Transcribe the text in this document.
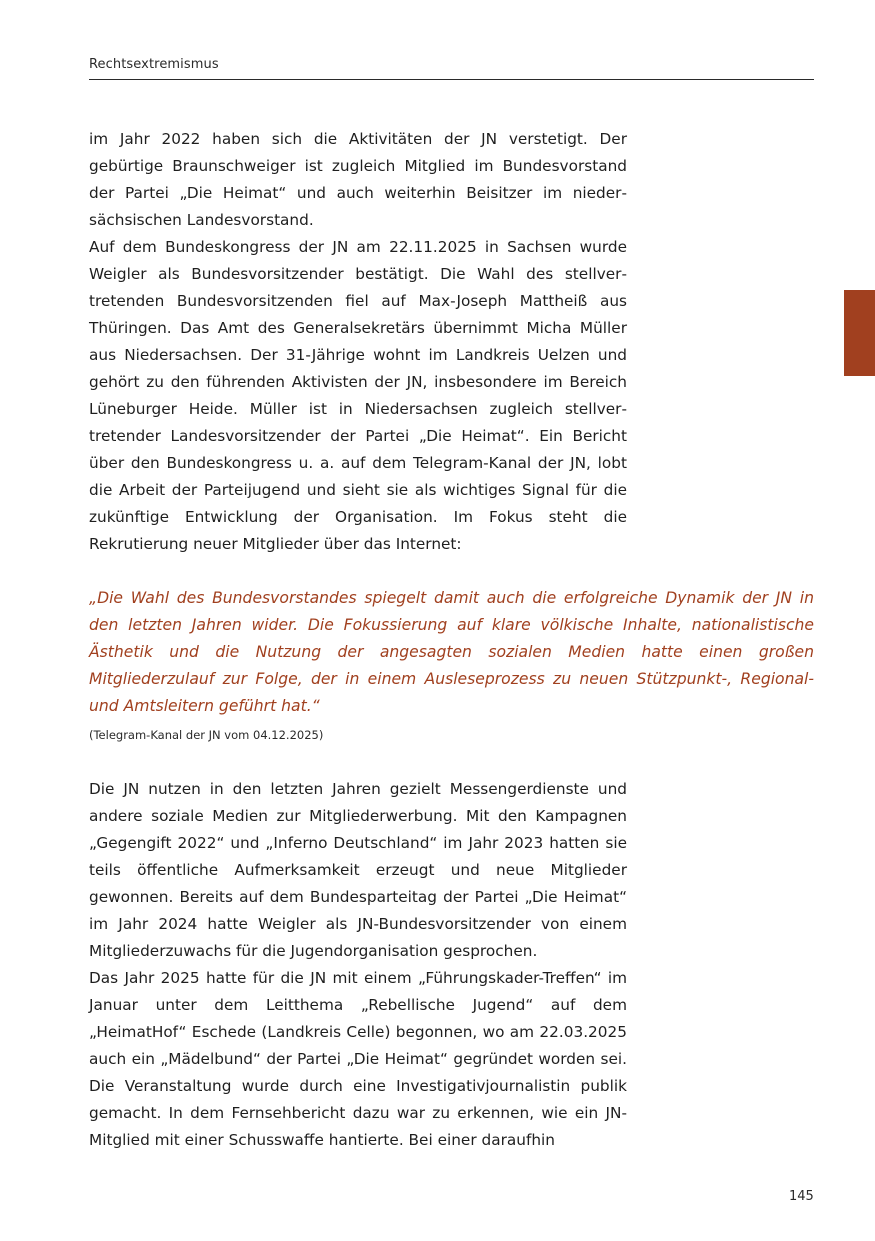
Rechtsextremismus

im Jahr 2022 haben sich die Aktivitäten der JN verstetigt. Der gebürtige Braunschweiger ist zugleich Mitglied im Bundesvorstand der Partei „Die Heimat“ und auch weiterhin Beisitzer im niedersächsischen Landesvorstand.

Auf dem Bundeskongress der JN am 22.11.2025 in Sachsen wurde Weigler als Bundesvorsitzender bestätigt. Die Wahl des stellvertretenden Bundesvorsitzenden fiel auf Max-Joseph Mattheiß aus Thüringen. Das Amt des Generalsekretärs übernimmt Micha Müller aus Niedersachsen. Der 31-Jährige wohnt im Landkreis Uelzen und gehört zu den führenden Aktivisten der JN, insbesondere im Bereich Lüneburger Heide. Müller ist in Niedersachsen zugleich stellvertretender Landesvorsitzender der Partei „Die Heimat“. Ein Bericht über den Bundeskongress u. a. auf dem Telegram-Kanal der JN, lobt die Arbeit der Parteijugend und sieht sie als wichtiges Signal für die zukünftige Entwicklung der Organisation. Im Fokus steht die Rekrutierung neuer Mitglieder über das Internet:

„Die Wahl des Bundesvorstandes spiegelt damit auch die erfolgreiche Dynamik der JN in den letzten Jahren wider. Die Fokussierung auf klare völkische Inhalte, nationalistische Ästhetik und die Nutzung der angesagten sozialen Medien hatte einen großen Mitgliederzulauf zur Folge, der in einem Ausleseprozess zu neuen Stützpunkt-, Regional- und Amtsleitern geführt hat.“

(Telegram-Kanal der JN vom 04.12.2025)

Die JN nutzen in den letzten Jahren gezielt Messengerdienste und andere soziale Medien zur Mitgliederwerbung. Mit den Kampagnen „Gegengift 2022“ und „Inferno Deutschland“ im Jahr 2023 hatten sie teils öffentliche Aufmerksamkeit erzeugt und neue Mitglieder gewonnen. Bereits auf dem Bundesparteitag der Partei „Die Heimat“ im Jahr 2024 hatte Weigler als JN-Bundesvorsitzender von einem Mitgliederzuwachs für die Jugendorganisation gesprochen.

Das Jahr 2025 hatte für die JN mit einem „Führungskader-Treffen“ im Januar unter dem Leitthema „Rebellische Jugend“ auf dem „HeimatHof“ Eschede (Landkreis Celle) begonnen, wo am 22.03.2025 auch ein „Mädelbund“ der Partei „Die Heimat“ gegründet worden sei. Die Veranstaltung wurde durch eine Investigativjournalistin publik gemacht. In dem Fernsehbericht dazu war zu erkennen, wie ein JN-Mitglied mit einer Schusswaffe hantierte. Bei einer daraufhin

145
